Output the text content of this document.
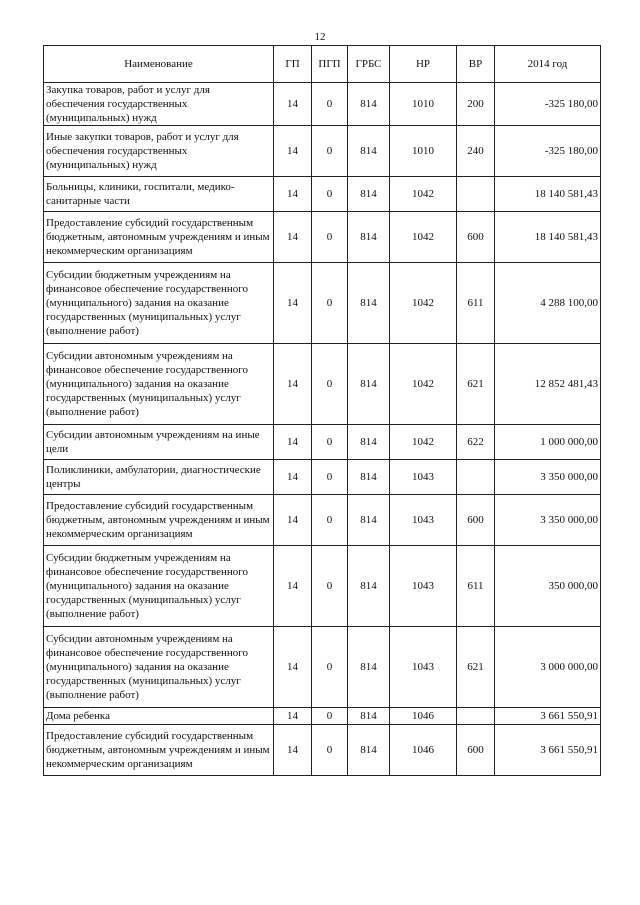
12
Наименование	ГП	ПГП	ГРБС	НР	ВР	2014 год
Закупка товаров, работ и услуг для обеспечения государственных (муниципальных) нужд	14	0	814	1010	200	-325 180,00
Иные закупки товаров, работ и услуг для обеспечения государственных (муниципальных) нужд	14	0	814	1010	240	-325 180,00
Больницы, клиники, госпитали, медико-санитарные части	14	0	814	1042		18 140 581,43
Предоставление субсидий государственным бюджетным, автономным учреждениям и иным некоммерческим организациям	14	0	814	1042	600	18 140 581,43
Субсидии бюджетным учреждениям на финансовое обеспечение государственного (муниципального) задания на оказание государственных (муниципальных) услуг (выполнение работ)	14	0	814	1042	611	4 288 100,00
Субсидии автономным учреждениям на финансовое обеспечение государственного (муниципального) задания на оказание государственных (муниципальных) услуг (выполнение работ)	14	0	814	1042	621	12 852 481,43
Субсидии автономным учреждениям на иные цели	14	0	814	1042	622	1 000 000,00
Поликлиники, амбулатории, диагностические центры	14	0	814	1043		3 350 000,00
Предоставление субсидий государственным бюджетным, автономным учреждениям и иным некоммерческим организациям	14	0	814	1043	600	3 350 000,00
Субсидии бюджетным учреждениям на финансовое обеспечение государственного (муниципального) задания на оказание государственных (муниципальных) услуг (выполнение работ)	14	0	814	1043	611	350 000,00
Субсидии автономным учреждениям на финансовое обеспечение государственного (муниципального) задания на оказание государственных (муниципальных) услуг (выполнение работ)	14	0	814	1043	621	3 000 000,00
Дома ребенка	14	0	814	1046		3 661 550,91
Предоставление субсидий государственным бюджетным, автономным учреждениям и иным некоммерческим организациям	14	0	814	1046	600	3 661 550,91
